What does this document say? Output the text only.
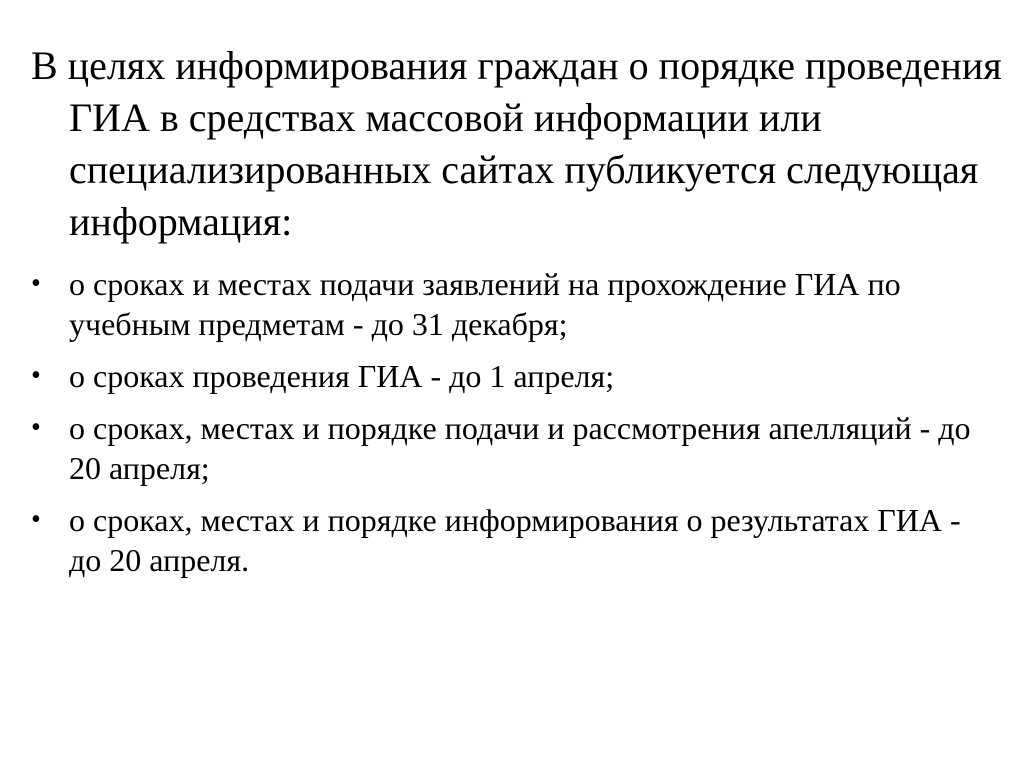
В целях информирования граждан о порядке проведения ГИА в средствах массовой информации или специализированных сайтах публикуется следующая информация:

• о сроках и местах подачи заявлений на прохождение ГИА по учебным предметам - до 31 декабря;
• о сроках проведения ГИА - до 1 апреля;
• о сроках, местах и порядке подачи и рассмотрения апелляций - до 20 апреля;
• о сроках, местах и порядке информирования о результатах ГИА - до 20 апреля.
